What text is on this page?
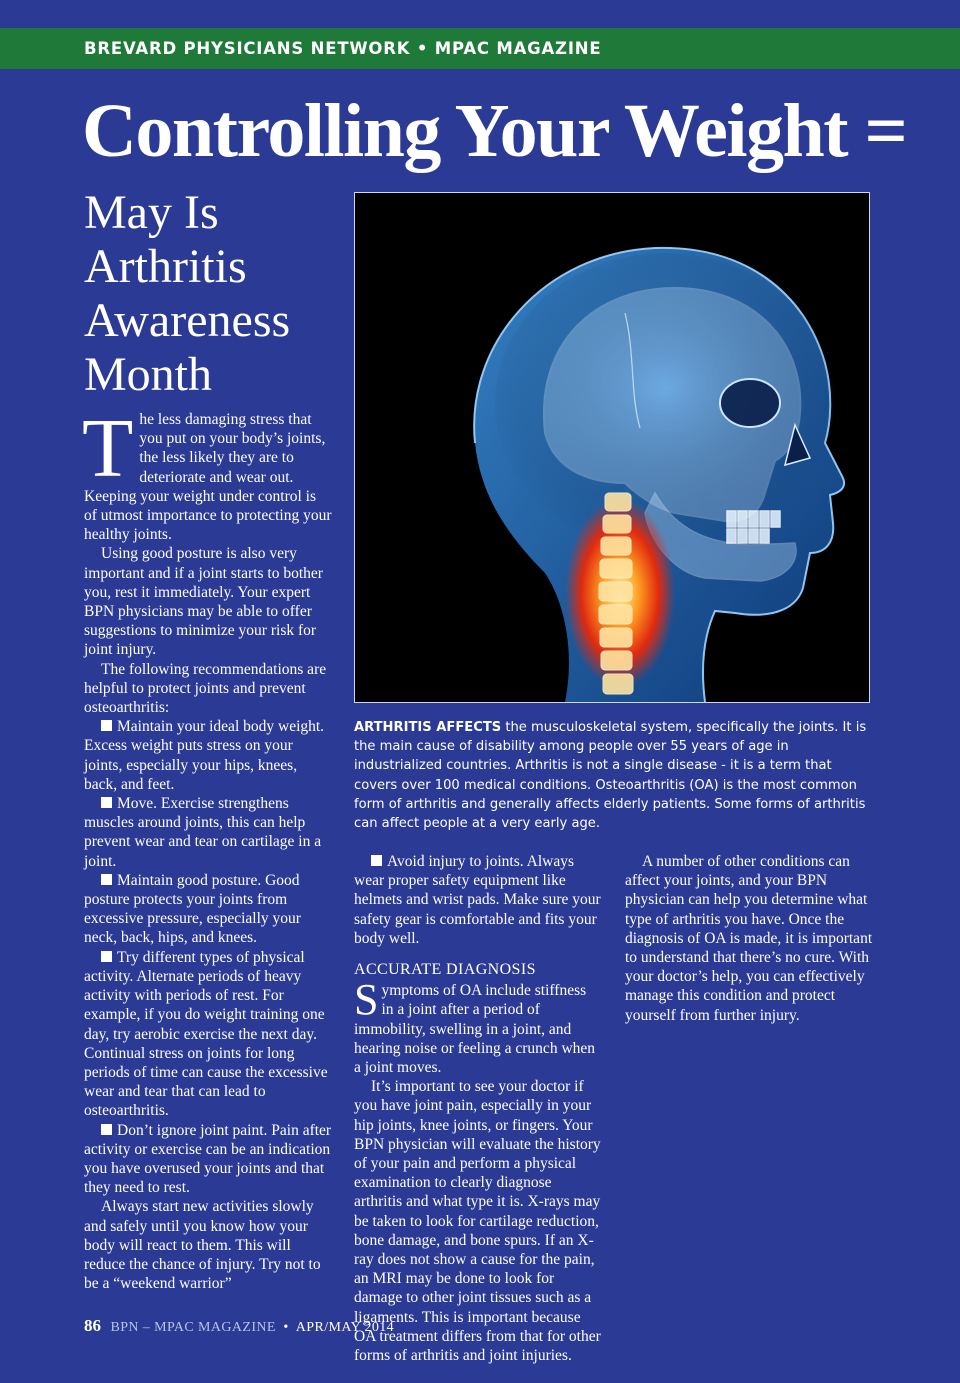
BREVARD PHYSICIANS NETWORK • MPAC MAGAZINE
Controlling Your Weight =
May Is Arthritis Awareness Month

ARTHRITIS AFFECTS the musculoskeletal system, specifically the joints. It is the main cause of disability among people over 55 years of age in industrialized countries. Arthritis is not a single disease - it is a term that covers over 100 medical conditions. Osteoarthritis (OA) is the most common form of arthritis and generally affects elderly patients. Some forms of arthritis can affect people at a very early age.

The less damaging stress that you put on your body’s joints, the less likely they are to deteriorate and wear out. Keeping your weight under control is of utmost importance to protecting your healthy joints.

Using good posture is also very important and if a joint starts to bother you, rest it immediately. Your expert BPN physicians may be able to offer suggestions to minimize your risk for joint injury.

The following recommendations are helpful to protect joints and prevent osteoarthritis:

Maintain your ideal body weight. Excess weight puts stress on your joints, especially your hips, knees, back, and feet.

Move. Exercise strengthens muscles around joints, this can help prevent wear and tear on cartilage in a joint.

Maintain good posture. Good posture protects your joints from excessive pressure, especially your neck, back, hips, and knees.

Try different types of physical activity. Alternate periods of heavy activity with periods of rest. For example, if you do weight training one day, try aerobic exercise the next day. Continual stress on joints for long periods of time can cause the excessive wear and tear that can lead to osteoarthritis.

Don’t ignore joint paint. Pain after activity or exercise can be an indication you have overused your joints and that they need to rest.

Always start new activities slowly and safely until you know how your body will react to them. This will reduce the chance of injury. Try not to be a “weekend warrior”

Avoid injury to joints. Always wear proper safety equipment like helmets and wrist pads. Make sure your safety gear is comfortable and fits your body well.

ACCURATE DIAGNOSIS

Symptoms of OA include stiffness in a joint after a period of immobility, swelling in a joint, and hearing noise or feeling a crunch when a joint moves.

It’s important to see your doctor if you have joint pain, especially in your hip joints, knee joints, or fingers. Your BPN physician will evaluate the history of your pain and perform a physical examination to clearly diagnose arthritis and what type it is. X-rays may be taken to look for cartilage reduction, bone damage, and bone spurs. If an X-ray does not show a cause for the pain, an MRI may be done to look for damage to other joint tissues such as a ligaments. This is important because OA treatment differs from that for other forms of arthritis and joint injuries.

A number of other conditions can affect your joints, and your BPN physician can help you determine what type of arthritis you have. Once the diagnosis of OA is made, it is important to understand that there’s no cure. With your doctor’s help, you can effectively manage this condition and protect yourself from further injury.

86 BPN – MPAC MAGAZINE • APR/MAY 2014
